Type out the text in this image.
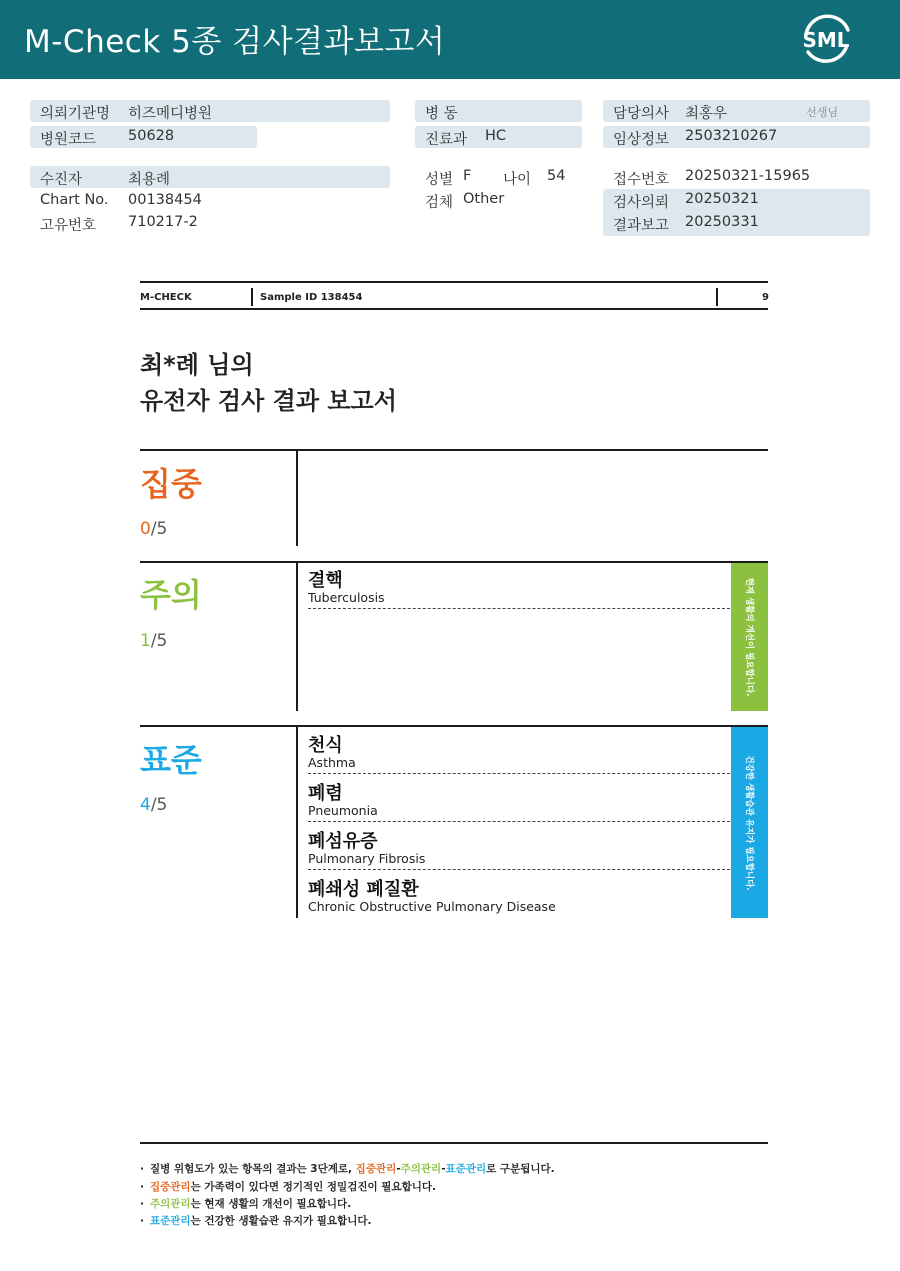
M-Check 5종 검사결과보고서	SML
의뢰기관명 히즈메디병원
병원코드 50628
병 동
진료과 HC
담당의사 최홍우	선생님
임상정보 2503210267
수진자	최용례
Chart No. 00138454
고유번호 710217-2
성별 F 나이 54
검체 Other
접수번호 20250321-15965
검사의뢰 20250321
결과보고 20250331
M-CHECK	Sample ID 138454	9
최*례 님의
유전자 검사 결과 보고서
집중
0/5
주의
1/5
결핵
Tuberculosis	현재 생활의 개선이 필요합니다.
표준
4/5
천식
Asthma
폐렴
Pneumonia
폐섬유증
Pulmonary Fibrosis
폐쇄성 폐질환
Chronic Obstructive Pulmonary Disease
건강한 생활습관 유지가 필요합니다.
· 질병 위험도가 있는 항목의 결과는 3단계로, 집중관리-주의관리-표준관리로 구분됩니다.
· 집중관리는 가족력이 있다면 정기적인 정밀검진이 필요합니다.
· 주의관리는 현재 생활의 개선이 필요합니다.
· 표준관리는 건강한 생활습관 유지가 필요합니다.
